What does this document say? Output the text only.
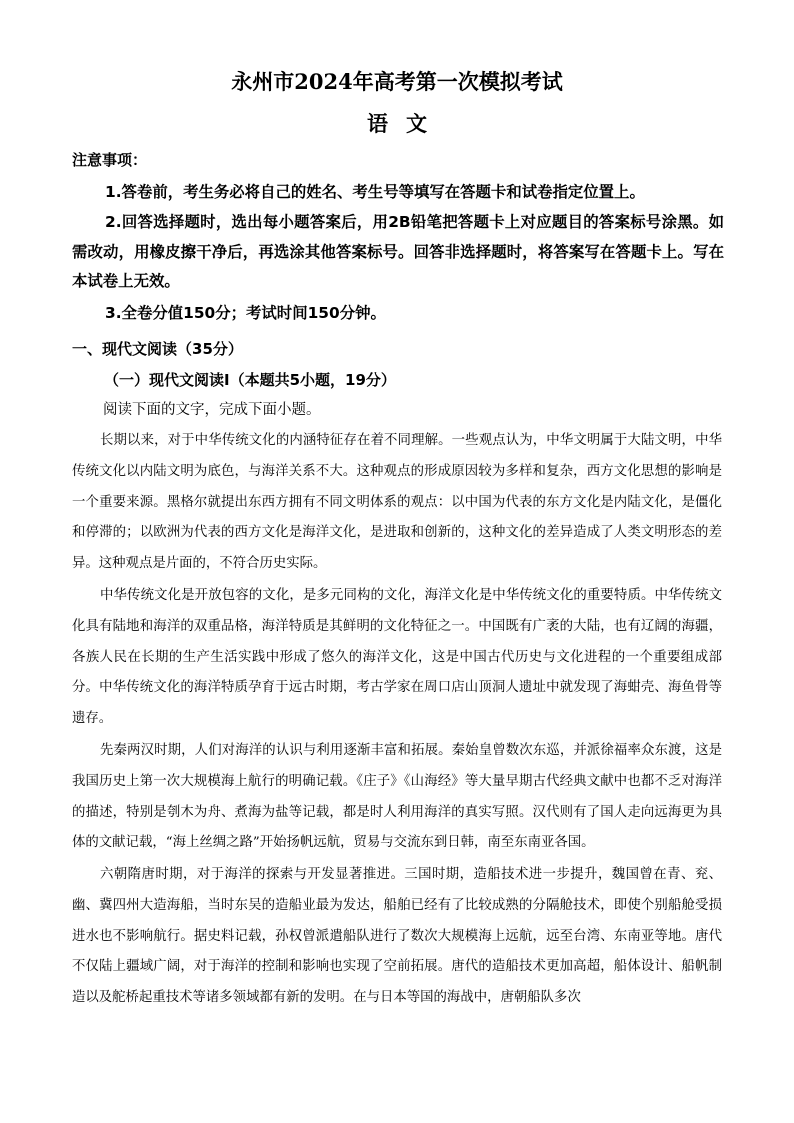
永州市2024年高考第一次模拟考试
语文
注意事项：
1.答卷前，考生务必将自己的姓名、考生号等填写在答题卡和试卷指定位置上。
2.回答选择题时，选出每小题答案后，用2B铅笔把答题卡上对应题目的答案标号涂黑。如需改动，用橡皮擦干净后，再选涂其他答案标号。回答非选择题时，将答案写在答题卡上。写在本试卷上无效。
3.全卷分值150分；考试时间150分钟。
一、现代文阅读（35分）
（一）现代文阅读Ⅰ（本题共5小题，19分）
阅读下面的文字，完成下面小题。
长期以来，对于中华传统文化的内涵特征存在着不同理解。一些观点认为，中华文明属于大陆文明，中华传统文化以内陆文明为底色，与海洋关系不大。这种观点的形成原因较为多样和复杂，西方文化思想的影响是一个重要来源。黑格尔就提出东西方拥有不同文明体系的观点：以中国为代表的东方文化是内陆文化，是僵化和停滞的；以欧洲为代表的西方文化是海洋文化，是进取和创新的，这种文化的差异造成了人类文明形态的差异。这种观点是片面的，不符合历史实际。
中华传统文化是开放包容的文化，是多元同构的文化，海洋文化是中华传统文化的重要特质。中华传统文化具有陆地和海洋的双重品格，海洋特质是其鲜明的文化特征之一。中国既有广袤的大陆，也有辽阔的海疆，各族人民在长期的生产生活实践中形成了悠久的海洋文化，这是中国古代历史与文化进程的一个重要组成部分。中华传统文化的海洋特质孕育于远古时期，考古学家在周口店山顶洞人遗址中就发现了海蚶壳、海鱼骨等遗存。
先秦两汉时期，人们对海洋的认识与利用逐渐丰富和拓展。秦始皇曾数次东巡，并派徐福率众东渡，这是我国历史上第一次大规模海上航行的明确记载。《庄子》《山海经》等大量早期古代经典文献中也都不乏对海洋的描述，特别是刳木为舟、煮海为盐等记载，都是时人利用海洋的真实写照。汉代则有了国人走向远海更为具体的文献记载，“海上丝绸之路”开始扬帆远航，贸易与交流东到日韩，南至东南亚各国。
六朝隋唐时期，对于海洋的探索与开发显著推进。三国时期，造船技术进一步提升，魏国曾在青、兖、幽、冀四州大造海船，当时东吴的造船业最为发达，船舶已经有了比较成熟的分隔舱技术，即使个别船舱受损进水也不影响航行。据史料记载，孙权曾派遣船队进行了数次大规模海上远航，远至台湾、东南亚等地。唐代不仅陆上疆域广阔，对于海洋的控制和影响也实现了空前拓展。唐代的造船技术更加高超，船体设计、船帆制造以及舵桥起重技术等诸多领域都有新的发明。在与日本等国的海战中，唐朝船队多次
